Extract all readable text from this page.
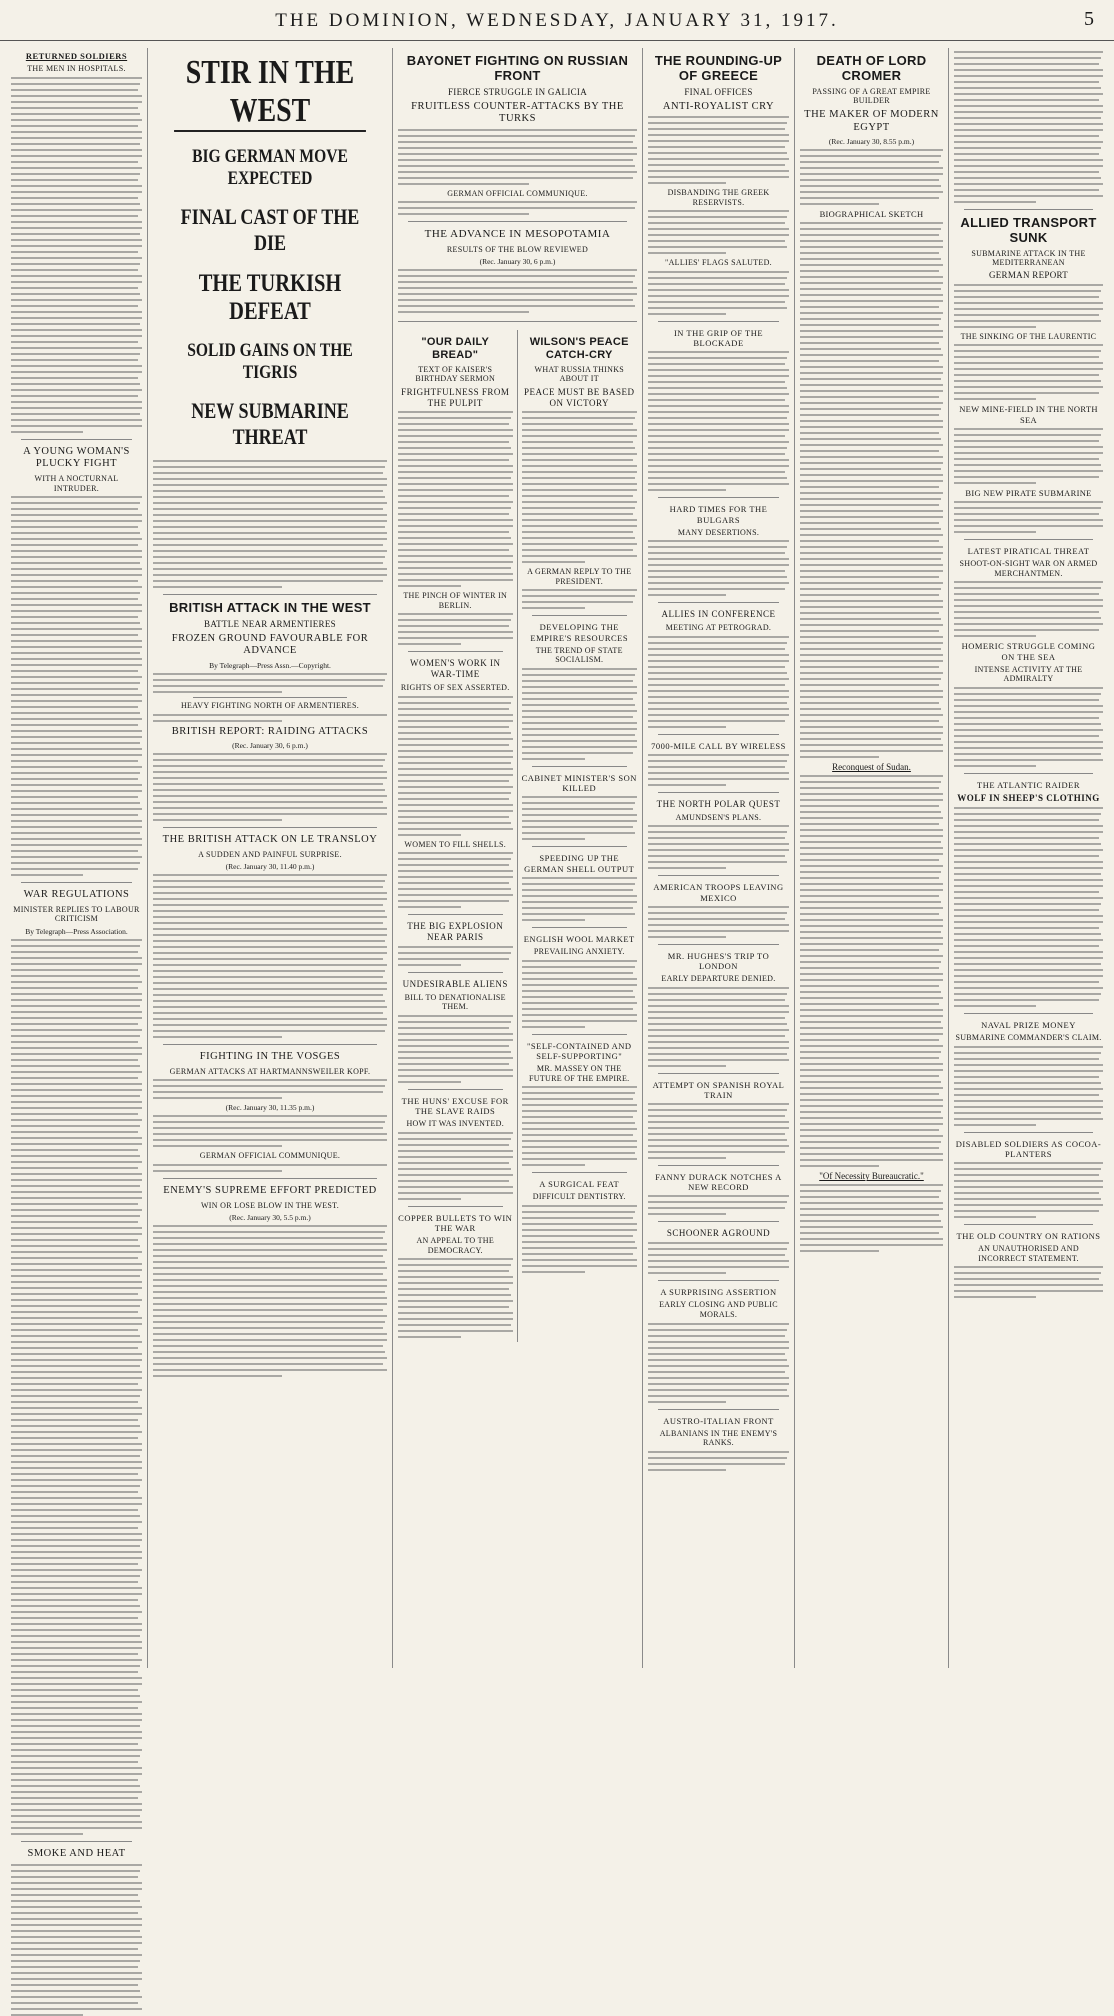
THE DOMINION, WEDNESDAY, JANUARY 31, 1917.	5
RETURNED SOLDIERS
THE MEN IN HOSPITALS.
A YOUNG WOMAN'S PLUCKY FIGHT
WITH A NOCTURNAL INTRUDER.
WAR REGULATIONS
MINISTER REPLIES TO LABOUR CRITICISM
By Telegraph—Press Association.
SMOKE AND HEAT
STIR IN THE WEST
BIG GERMAN MOVE EXPECTED
FINAL CAST OF THE DIE
THE TURKISH DEFEAT
SOLID GAINS ON THE TIGRIS
NEW SUBMARINE THREAT
BRITISH ATTACK IN THE WEST
BATTLE NEAR ARMENTIERES
FROZEN GROUND FAVOURABLE FOR ADVANCE
By Telegraph—Press Assn.—Copyright.
HEAVY FIGHTING NORTH OF ARMENTIERES.
BRITISH REPORT: RAIDING ATTACKS
(Rec. January 30, 6 p.m.)
THE BRITISH ATTACK ON LE TRANSLOY
A SUDDEN AND PAINFUL SURPRISE.
(Rec. January 30, 11.40 p.m.)
FIGHTING IN THE VOSGES
GERMAN ATTACKS AT HARTMANNSWEILER KOPF.
(Rec. January 30, 11.35 p.m.)
GERMAN OFFICIAL COMMUNIQUE.
ENEMY'S SUPREME EFFORT PREDICTED
WIN OR LOSE BLOW IN THE WEST.
(Rec. January 30, 5.5 p.m.)
BAYONET FIGHTING ON RUSSIAN FRONT
FIERCE STRUGGLE IN GALICIA
FRUITLESS COUNTER-ATTACKS BY THE TURKS
GERMAN OFFICIAL COMMUNIQUE.
THE ADVANCE IN MESOPOTAMIA
RESULTS OF THE BLOW REVIEWED
(Rec. January 30, 6 p.m.)
"OUR DAILY BREAD"
TEXT OF KAISER'S BIRTHDAY SERMON
FRIGHTFULNESS FROM THE PULPIT
THE PINCH OF WINTER IN BERLIN.
WOMEN'S WORK IN WAR-TIME
RIGHTS OF SEX ASSERTED.
WOMEN TO FILL SHELLS.
THE BIG EXPLOSION NEAR PARIS
UNDESIRABLE ALIENS
BILL TO DENATIONALISE THEM.
THE HUNS' EXCUSE FOR THE SLAVE RAIDS
HOW IT WAS INVENTED.
COPPER BULLETS TO WIN THE WAR
AN APPEAL TO THE DEMOCRACY.
WILSON'S PEACE CATCH-CRY
WHAT RUSSIA THINKS ABOUT IT
PEACE MUST BE BASED ON VICTORY
A GERMAN REPLY TO THE PRESIDENT.
DEVELOPING THE EMPIRE'S RESOURCES
THE TREND OF STATE SOCIALISM.
CABINET MINISTER'S SON KILLED
SPEEDING UP THE GERMAN SHELL OUTPUT
ENGLISH WOOL MARKET
PREVAILING ANXIETY.
"SELF-CONTAINED AND SELF-SUPPORTING"
MR. MASSEY ON THE FUTURE OF THE EMPIRE.
A SURGICAL FEAT
DIFFICULT DENTISTRY.
THE ROUNDING-UP OF GREECE
FINAL OFFICES
ANTI-ROYALIST CRY
DISBANDING THE GREEK RESERVISTS.
"ALLIES' FLAGS SALUTED.
IN THE GRIP OF THE BLOCKADE
HARD TIMES FOR THE BULGARS
MANY DESERTIONS.
ALLIES IN CONFERENCE
MEETING AT PETROGRAD.
7000-MILE CALL BY WIRELESS
THE NORTH POLAR QUEST
AMUNDSEN'S PLANS.
AMERICAN TROOPS LEAVING MEXICO
MR. HUGHES'S TRIP TO LONDON
EARLY DEPARTURE DENIED.
ATTEMPT ON SPANISH ROYAL TRAIN
FANNY DURACK NOTCHES A NEW RECORD
SCHOONER AGROUND
A SURPRISING ASSERTION
EARLY CLOSING AND PUBLIC MORALS.
AUSTRO-ITALIAN FRONT
ALBANIANS IN THE ENEMY'S RANKS.
DEATH OF LORD CROMER
PASSING OF A GREAT EMPIRE BUILDER
THE MAKER OF MODERN EGYPT
(Rec. January 30, 8.55 p.m.)
BIOGRAPHICAL SKETCH
Reconquest of Sudan.
"Of Necessity Bureaucratic."
ALLIED TRANSPORT SUNK
SUBMARINE ATTACK IN THE MEDITERRANEAN
GERMAN REPORT
THE SINKING OF THE LAURENTIC
NEW MINE-FIELD IN THE NORTH SEA
BIG NEW PIRATE SUBMARINE
LATEST PIRATICAL THREAT
SHOOT-ON-SIGHT WAR ON ARMED MERCHANTMEN.
HOMERIC STRUGGLE COMING ON THE SEA
INTENSE ACTIVITY AT THE ADMIRALTY
THE ATLANTIC RAIDER
WOLF IN SHEEP'S CLOTHING
NAVAL PRIZE MONEY
SUBMARINE COMMANDER'S CLAIM.
DISABLED SOLDIERS AS COCOA-PLANTERS
THE OLD COUNTRY ON RATIONS
AN UNAUTHORISED AND INCORRECT STATEMENT.
